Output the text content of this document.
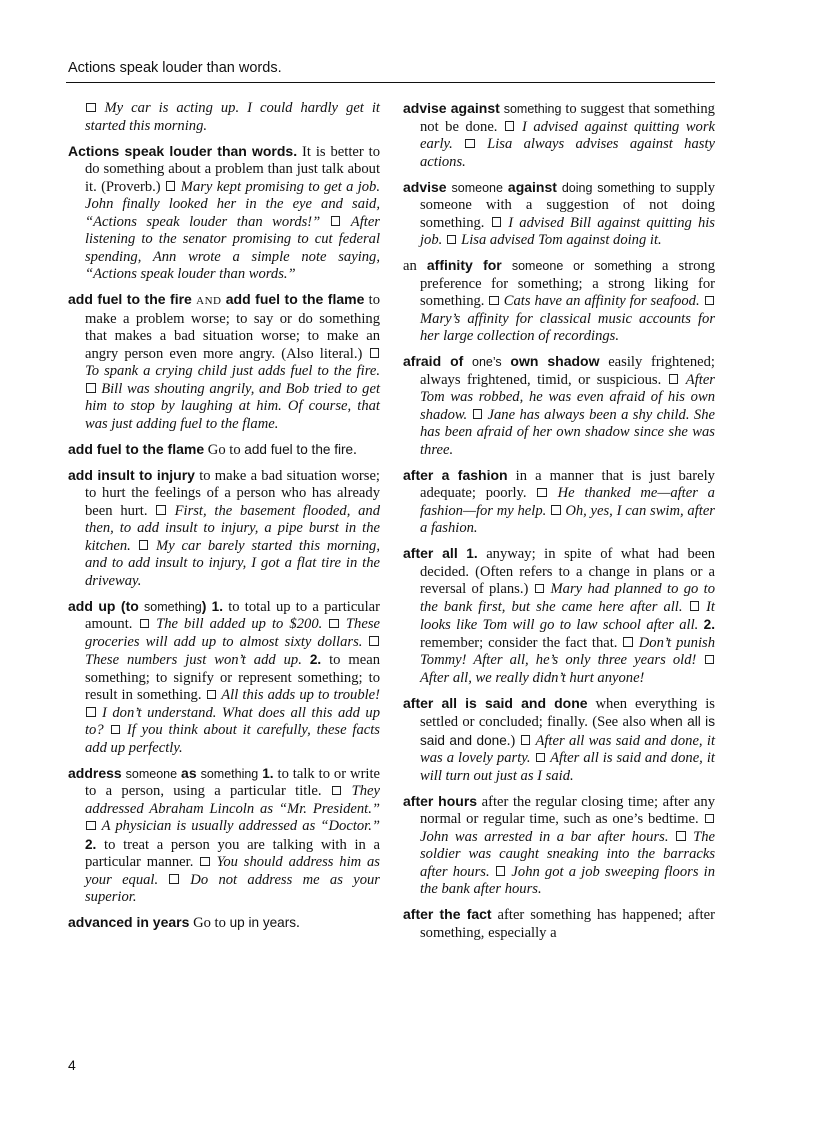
Actions speak louder than words.

My car is acting up. I could hardly get it started this morning.

Actions speak louder than words. It is better to do something about a problem than just talk about it. (Proverb.) Mary kept promising to get a job. John finally looked her in the eye and said, “Actions speak louder than words!” After listening to the senator promising to cut federal spending, Ann wrote a simple note saying, “Actions speak louder than words.”

add fuel to the fire AND add fuel to the flame to make a problem worse; to say or do something that makes a bad situation worse; to make an angry person even more angry. (Also literal.)  To spank a crying child just adds fuel to the fire.  Bill was shouting angrily, and Bob tried to get him to stop by laughing at him. Of course, that was just adding fuel to the flame.

add fuel to the flame Go to add fuel to the fire.

add insult to injury to make a bad situation worse; to hurt the feelings of a person who has already been hurt. First, the basement flooded, and then, to add insult to injury, a pipe burst in the kitchen. My car barely started this morning, and to add insult to injury, I got a flat tire in the driveway.

add up (to something) 1. to total up to a particular amount. The bill added up to $200. These groceries will add up to almost sixty dollars.  These numbers just won’t add up. 2. to mean something; to signify or represent something; to result in something. All this adds up to trouble!  I don’t understand. What does all this add up to? If you think about it carefully, these facts add up perfectly.

address someone as something 1. to talk to or write to a person, using a particular title. They addressed Abraham Lincoln as “Mr. President.”  A physician is usually addressed as “Doctor.” 2. to treat a person you are talking with in a particular manner. You should address him as your equal. Do not address me as your superior.

advanced in years Go to up in years.

advise against something to suggest that something not be done. I advised against quitting work early. Lisa always advises against hasty actions.

advise someone against doing something to supply someone with a suggestion of not doing something. I advised Bill against quitting his job. Lisa advised Tom against doing it.

an affinity for someone or something a strong preference for something; a strong liking for something. Cats have an affinity for seafood.  Mary’s affinity for classical music accounts for her large collection of recordings.

afraid of one’s own shadow easily frightened; always frightened, timid, or suspicious. After Tom was robbed, he was even afraid of his own shadow. Jane has always been a shy child. She has been afraid of her own shadow since she was three.

after a fashion in a manner that is just barely adequate; poorly. He thanked me—after a fashion—for my help. Oh, yes, I can swim, after a fashion.

after all 1. anyway; in spite of what had been decided. (Often refers to a change in plans or a reversal of plans.) Mary had planned to go to the bank first, but she came here after all. It looks like Tom will go to law school after all. 2. remember; consider the fact that. Don’t punish Tommy! After all, he’s only three years old!  After all, we really didn’t hurt anyone!

after all is said and done when everything is settled or concluded; finally. (See also when all is said and done.) After all was said and done, it was a lovely party. After all is said and done, it will turn out just as I said.

after hours after the regular closing time; after any normal or regular time, such as one’s bedtime.  John was arrested in a bar after hours. The soldier was caught sneaking into the barracks after hours. John got a job sweeping floors in the bank after hours.

after the fact after something has happened; after something, especially a

4
